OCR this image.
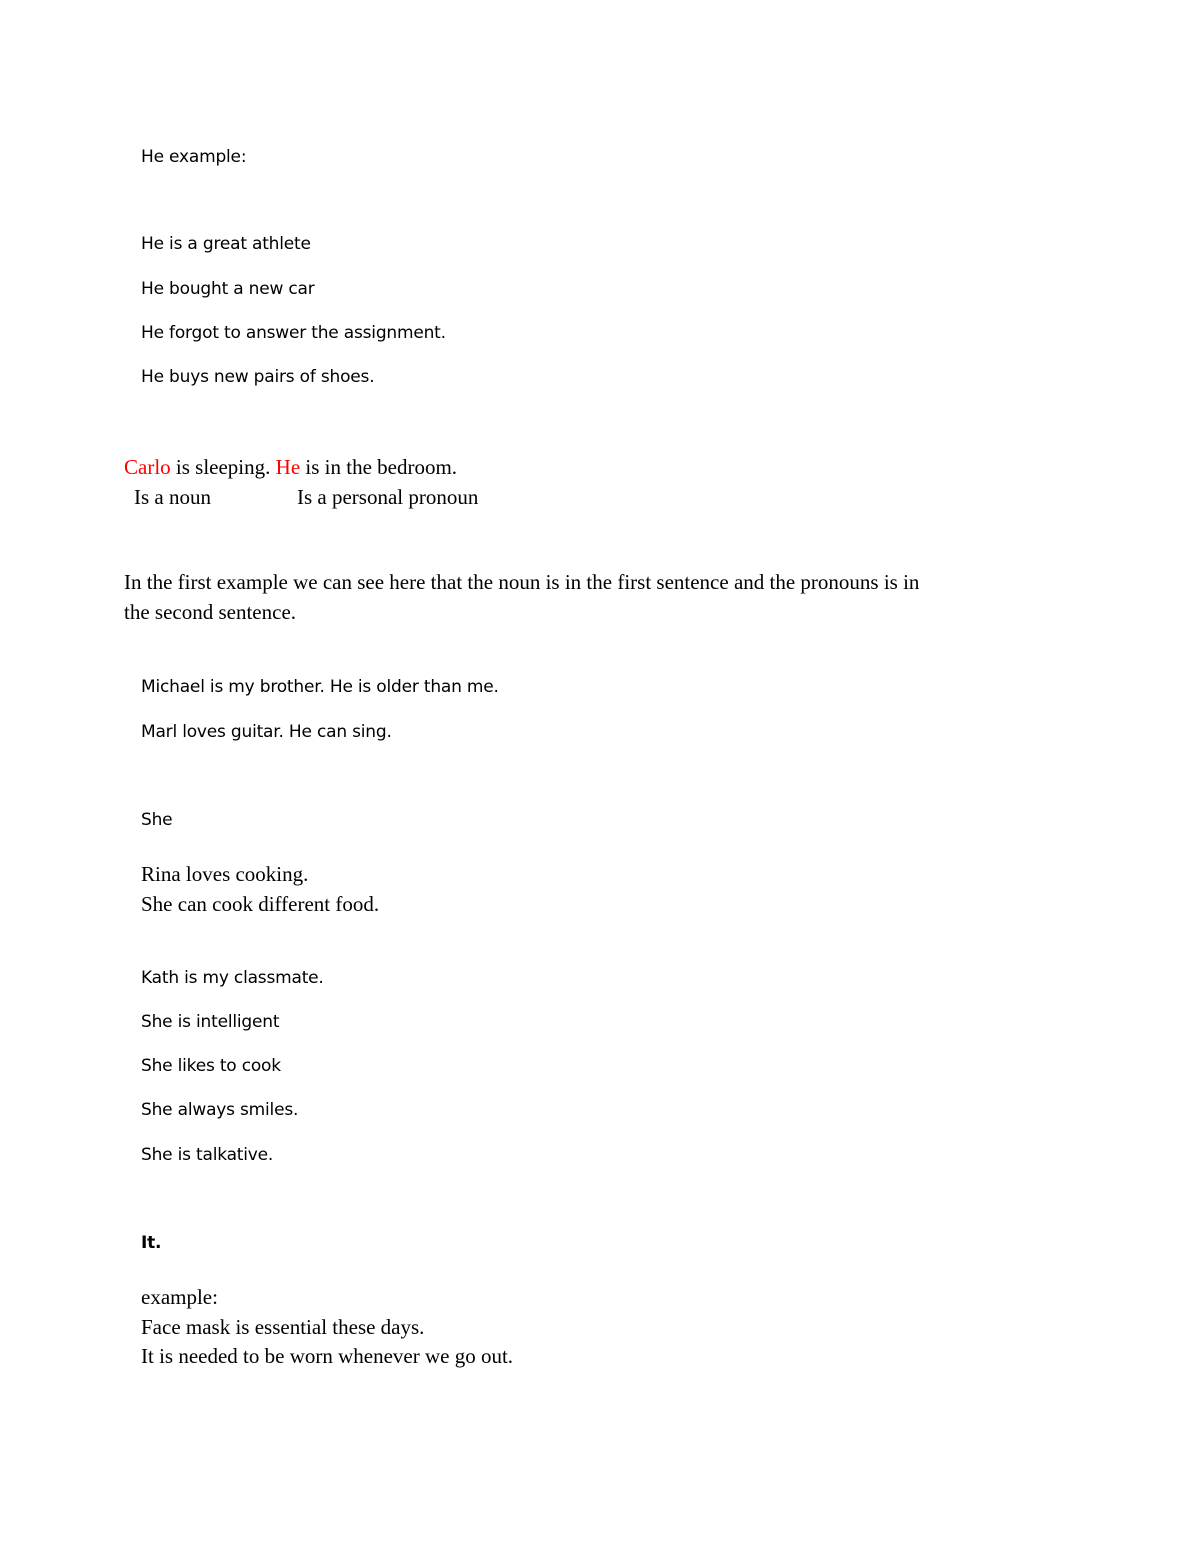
He example:
He is a great athlete
He bought a new car
He forgot to answer the assignment.
He buys new pairs of shoes.
Carlo is sleeping. He is in the bedroom.
Is a noun	Is a personal pronoun
In the first example we can see here that the noun is in the first sentence and the pronouns is in
the second sentence.
Michael is my brother. He is older than me.
Marl loves guitar. He can sing.
She
Rina loves cooking.
She can cook different food.
Kath is my classmate.
She is intelligent
She likes to cook
She always smiles.
She is talkative.
It.
example:
Face mask is essential these days.
It is needed to be worn whenever we go out.
